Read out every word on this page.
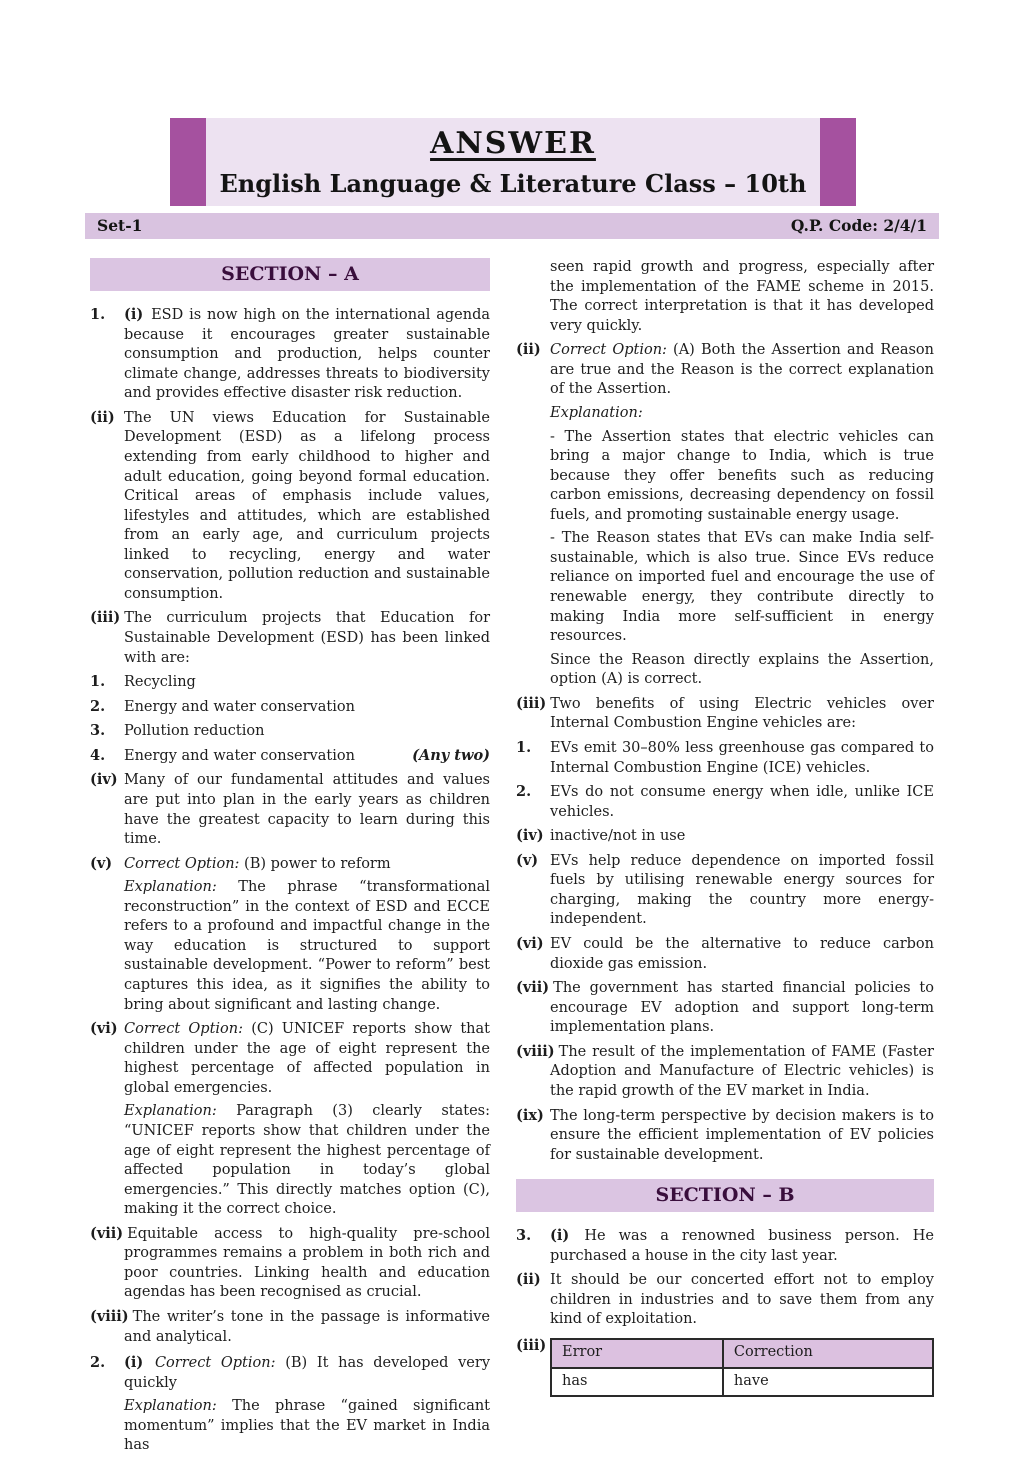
ANSWER
English Language & Literature Class – 10th
Set-1	Q.P. Code: 2/4/1
SECTION – A
1. (i) ESD is now high on the international agenda because it encourages greater sustainable consumption and production, helps counter climate change, addresses threats to biodiversity and provides effective disaster risk reduction.
(ii) The UN views Education for Sustainable Development (ESD) as a lifelong process extending from early childhood to higher and adult education, going beyond formal education. Critical areas of emphasis include values, lifestyles and attitudes, which are established from an early age, and curriculum projects linked to recycling, energy and water conservation, pollution reduction and sustainable consumption.
(iii) The curriculum projects that Education for Sustainable Development (ESD) has been linked with are:
1. Recycling
2. Energy and water conservation
3. Pollution reduction
(Any two)
4. Energy and water conservation
(iv) Many of our fundamental attitudes and values are put into plan in the early years as children have the greatest capacity to learn during this time.
(v) Correct Option: (B) power to reform
Explanation: The phrase “transformational reconstruction” in the context of ESD and ECCE refers to a profound and impactful change in the way education is structured to support sustainable development. “Power to reform” best captures this idea, as it signifies the ability to bring about significant and lasting change.
(vi) Correct Option: (C) UNICEF reports show that children under the age of eight represent the highest percentage of affected population in global emergencies.
Explanation: Paragraph (3) clearly states: “UNICEF reports show that children under the age of eight represent the highest percentage of affected population in today’s global emergencies.” This directly matches option (C), making it the correct choice.
(vii) Equitable access to high-quality pre-school programmes remains a problem in both rich and poor countries. Linking health and education agendas has been recognised as crucial.
(viii) The writer’s tone in the passage is informative and analytical.
2. (i) Correct Option: (B) It has developed very quickly
Explanation: The phrase “gained significant momentum” implies that the EV market in India has
seen rapid growth and progress, especially after the implementation of the FAME scheme in 2015. The correct interpretation is that it has developed very quickly.
(ii) Correct Option: (A) Both the Assertion and Reason are true and the Reason is the correct explanation of the Assertion.
Explanation:
- The Assertion states that electric vehicles can bring a major change to India, which is true because they offer benefits such as reducing carbon emissions, decreasing dependency on fossil fuels, and promoting sustainable energy usage.
- The Reason states that EVs can make India self-sustainable, which is also true. Since EVs reduce reliance on imported fuel and encourage the use of renewable energy, they contribute directly to making India more self-sufficient in energy resources.
Since the Reason directly explains the Assertion, option (A) is correct.
(iii) Two benefits of using Electric vehicles over Internal Combustion Engine vehicles are:
1. EVs emit 30–80% less greenhouse gas compared to Internal Combustion Engine (ICE) vehicles.
2. EVs do not consume energy when idle, unlike ICE vehicles.
(iv) inactive/not in use
(v) EVs help reduce dependence on imported fossil fuels by utilising renewable energy sources for charging, making the country more energy-independent.
(vi) EV could be the alternative to reduce carbon dioxide gas emission.
(vii) The government has started financial policies to encourage EV adoption and support long-term implementation plans.
(viii) The result of the implementation of FAME (Faster Adoption and Manufacture of Electric vehicles) is the rapid growth of the EV market in India.
(ix) The long-term perspective by decision makers is to ensure the efficient implementation of EV policies for sustainable development.
SECTION – B
3. (i) He was a renowned business person. He purchased a house in the city last year.
(ii) It should be our concerted effort not to employ children in industries and to save them from any kind of exploitation.
(iii) Error	Correction
has	have
